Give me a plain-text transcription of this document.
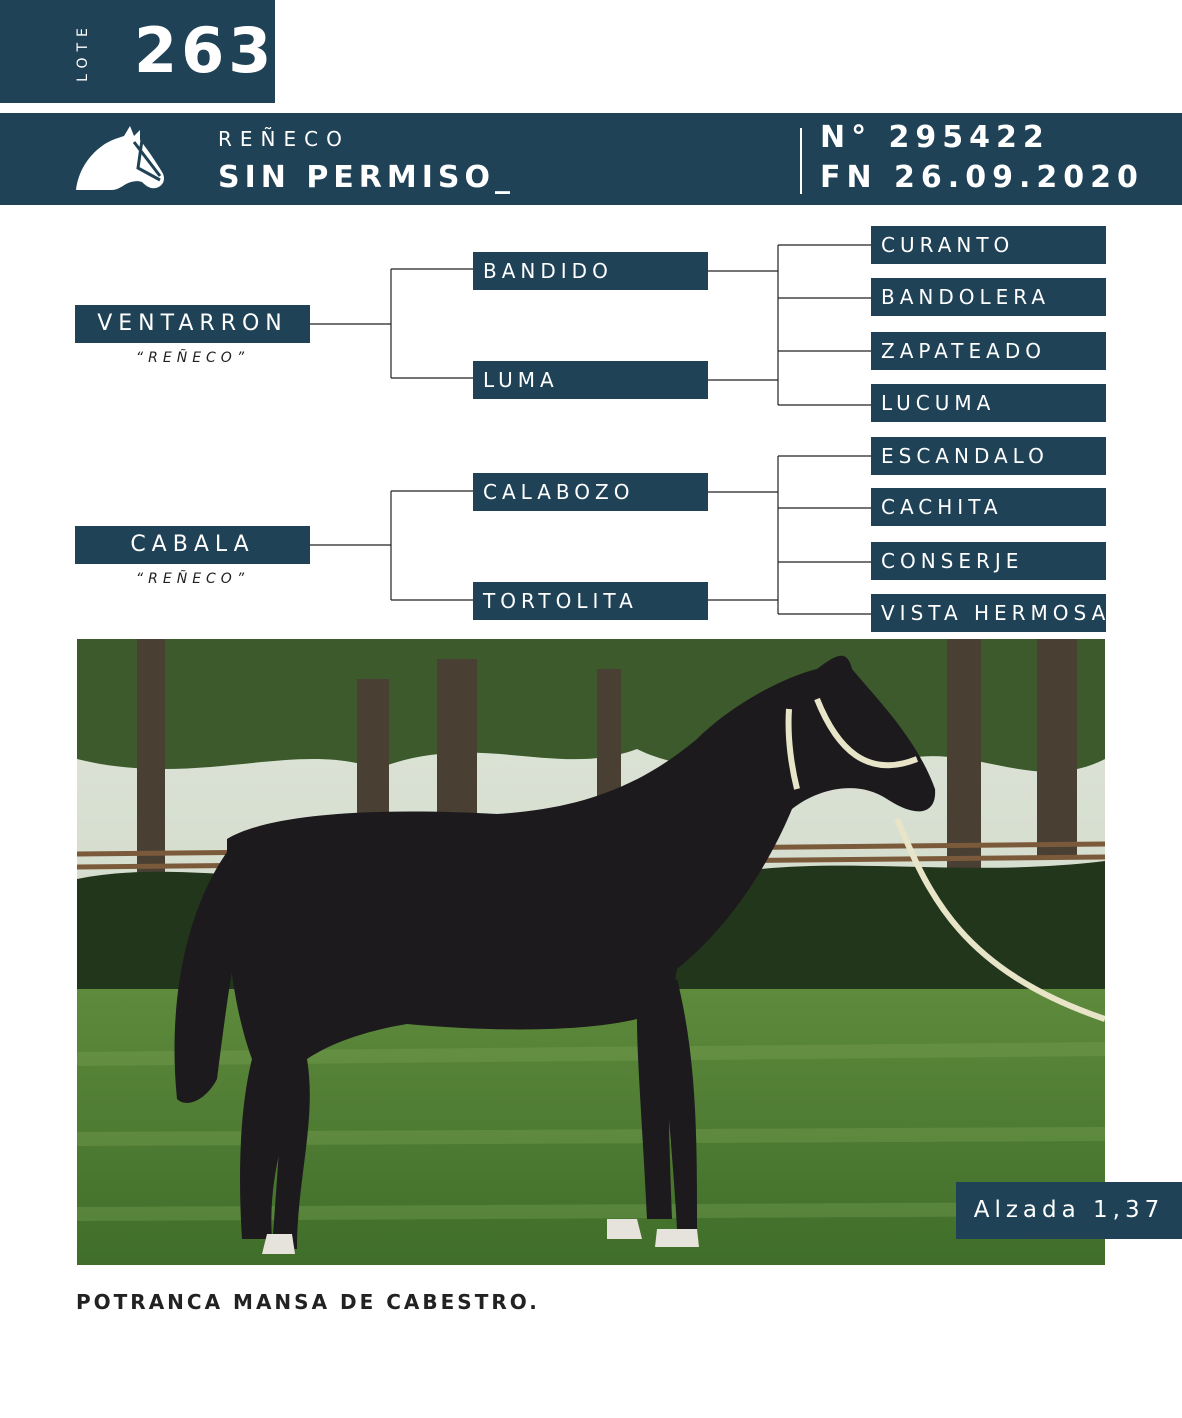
LOTE 263
REÑECO
SIN PERMISO_
N° 295422
FN 26.09.2020
VENTARRON
“REÑECO”
CABALA
“REÑECO”
BANDIDO
LUMA
CALABOZO
TORTOLITA
CURANTO
BANDOLERA
ZAPATEADO
LUCUMA
ESCANDALO
CACHITA
CONSERJE
VISTA HERMOSA
Alzada 1,37
POTRANCA MANSA DE CABESTRO.
